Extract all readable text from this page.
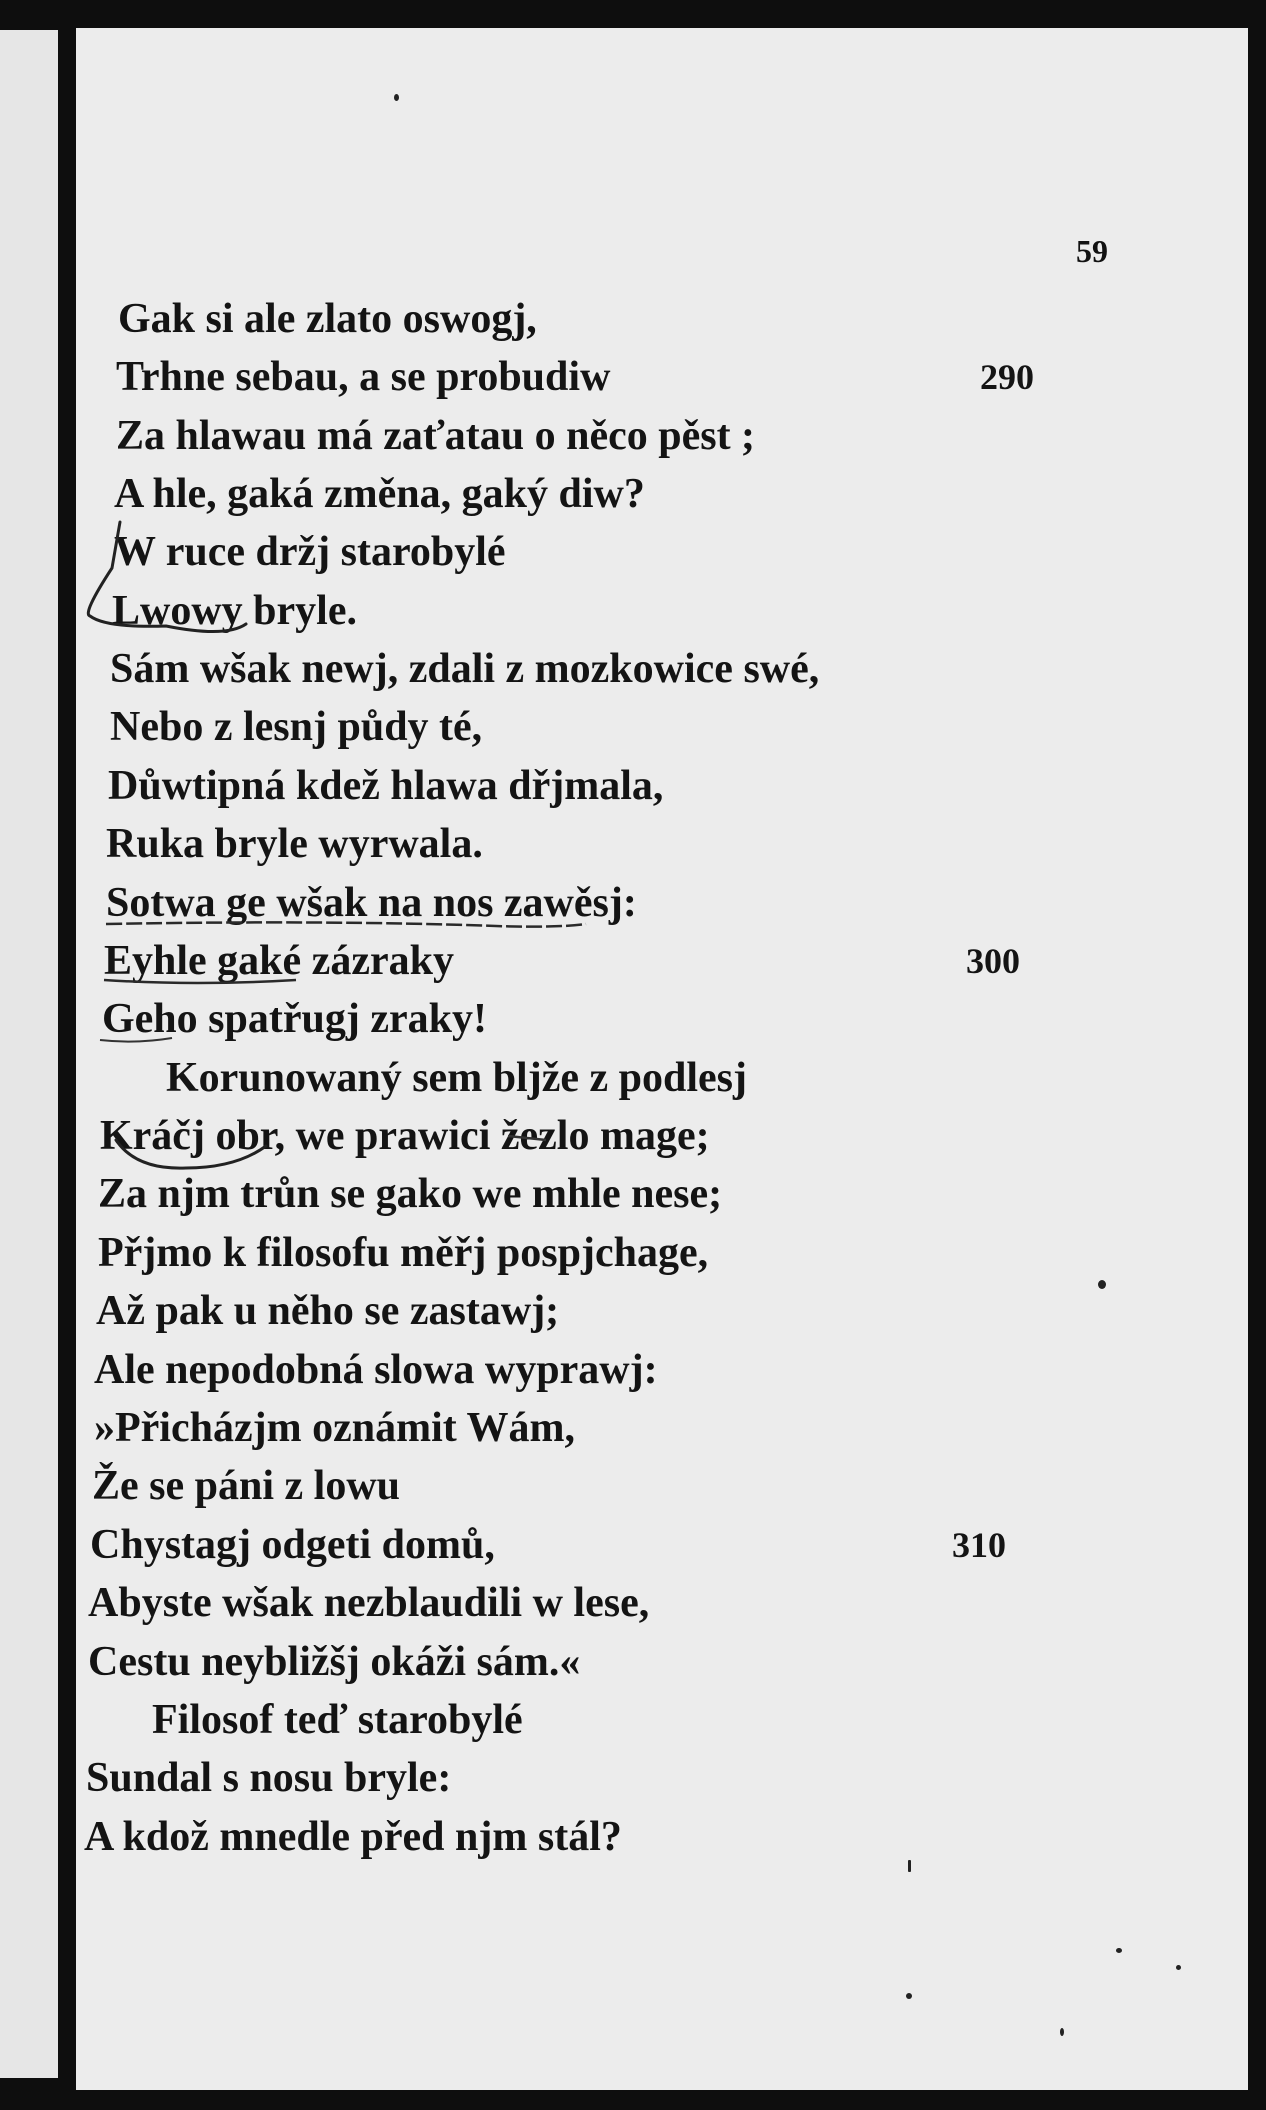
59
Gak si ale zlato oswogj,
Trhne sebau, a se probudiw
Za hlawau má zaťatau o něco pěst ;
A hle, gaká změna, gaký diw?
W ruce držj starobylé
Lwowy bryle.
Sám wšak newj, zdali z mozkowice swé,
Nebo z lesnj půdy té,
Důwtipná kdež hlawa dřjmala,
Ruka bryle wyrwala.
Sotwa ge wšak na nos zawěsj:
Eyhle gaké zázraky
Geho spatřugj zraky!
Korunowaný sem bljže z podlesj
Kráčj obr, we prawici žezlo mage;
Za njm trůn se gako we mhle nese;
Přjmo k filosofu měřj pospjchage,
Až pak u něho se zastawj;
Ale nepodobná slowa wyprawj:
»Přicházjm oznámit Wám,
Že se páni z lowu
Chystagj odgeti domů,
Abyste wšak nezblaudili w lese,
Cestu neybližšj okáži sám.«
Filosof teď starobylé
Sundal s nosu bryle:
A kdož mnedle před njm stál?
290
300
310
